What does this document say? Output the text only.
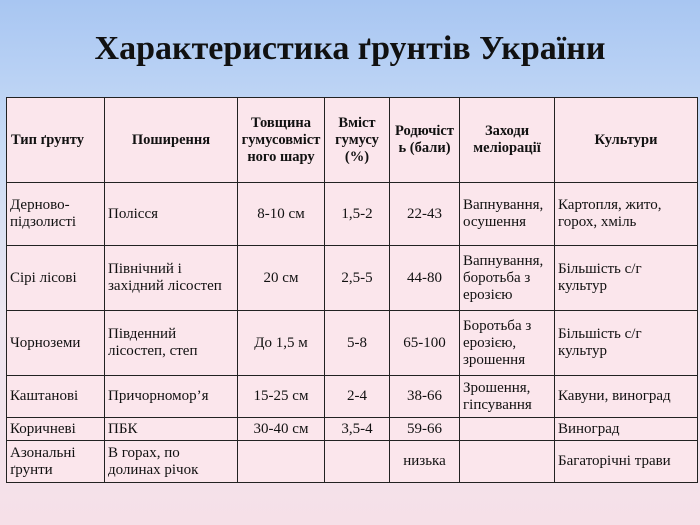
Характеристика ґрунтів України
Тип ґрунту	Поширення	Товщина гумусовмістного шару	Вміст гумусу (%)	Родючість (бали)	Заходи меліорації	Культури
Дерново-підзолисті	Полісся	8-10 см	1,5-2	22-43	Вапнування, осушення	Картопля, жито, горох, хміль
Сірі лісові	Північний і західний лісостеп	20 см	2,5-5	44-80	Вапнування, боротьба з ерозією	Більшість с/г культур
Чорноземи	Південний лісостеп, степ	До 1,5 м	5-8	65-100	Боротьба з ерозією, зрошення	Більшість с/г культур
Каштанові	Причорномор’я	15-25 см	2-4	38-66	Зрошення, гіпсування	Кавуни, виноград
Коричневі	ПБК	30-40 см	3,5-4	59-66		Виноград
Азональні ґрунти	В горах, по долинах річок			низька		Багаторічні трави
